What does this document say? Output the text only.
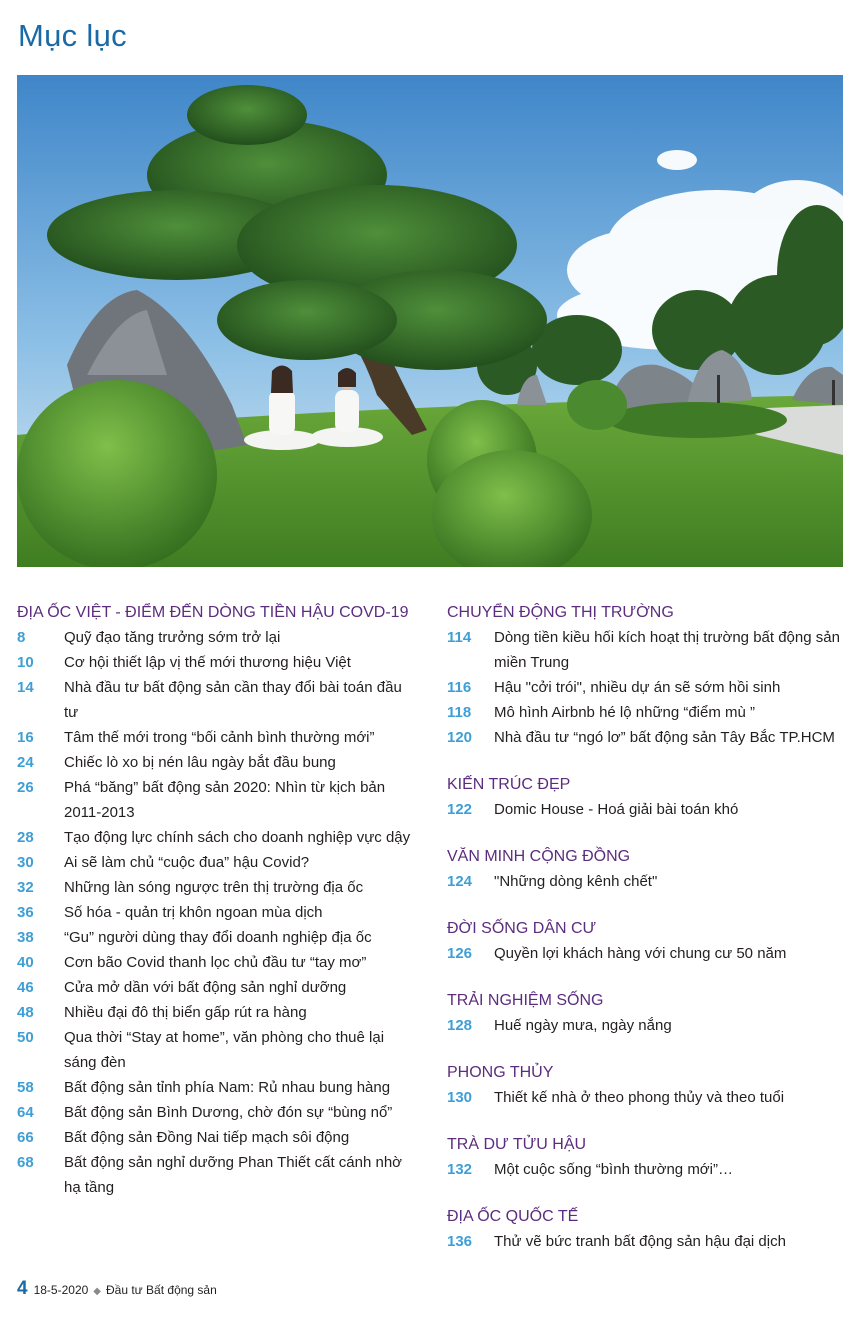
Mục lục
ĐỊA ỐC VIỆT - ĐIỂM ĐẾN DÒNG TIỀN HẬU COVD-19
8	Quỹ đạo tăng trưởng sớm trở lại
10	Cơ hội thiết lập vị thế mới thương hiệu Việt
14	Nhà đầu tư bất động sản cần thay đổi bài toán đầu tư
16	Tâm thế mới trong “bối cảnh bình thường mới”
24	Chiếc lò xo bị nén lâu ngày bắt đầu bung
26	Phá “băng” bất động sản 2020: Nhìn từ kịch bản 2011-2013
28	Tạo động lực chính sách cho doanh nghiệp vực dậy
30	Ai sẽ làm chủ “cuộc đua” hậu Covid?
32	Những làn sóng ngược trên thị trường địa ốc
36	Số hóa - quản trị khôn ngoan mùa dịch
38	“Gu” người dùng thay đổi doanh nghiệp địa ốc
40	Cơn bão Covid thanh lọc chủ đầu tư “tay mơ”
46	Cửa mở dần với bất động sản nghỉ dưỡng
48	Nhiều đại đô thị biển gấp rút ra hàng
50	Qua thời “Stay at home”, văn phòng cho thuê lại sáng đèn
58	Bất động sản tỉnh phía Nam: Rủ nhau bung hàng
64	Bất động sản Bình Dương, chờ đón sự “bùng nổ”
66	Bất động sản Đồng Nai tiếp mạch sôi động
68	Bất động sản nghỉ dưỡng Phan Thiết cất cánh nhờ hạ tầng
CHUYỂN ĐỘNG THỊ TRƯỜNG
114	Dòng tiền kiều hối kích hoạt thị trường bất động sản miền Trung
116	Hậu "cởi trói", nhiều dự án sẽ sớm hồi sinh
118	Mô hình Airbnb hé lộ những “điểm mù ”
120	Nhà đầu tư “ngó lơ” bất động sản Tây Bắc TP.HCM
KIẾN TRÚC ĐẸP
122	Domic House - Hoá giải bài toán khó
VĂN MINH CỘNG ĐỒNG
124	"Những dòng kênh chết"
ĐỜI SỐNG DÂN CƯ
126	Quyền lợi khách hàng với chung cư 50 năm
TRẢI NGHIỆM SỐNG
128	Huế ngày mưa, ngày nắng
PHONG THỦY
130	Thiết kế nhà ở theo phong thủy và theo tuổi
TRÀ DƯ TỬU HẬU
132	Một cuộc sống “bình thường mới”…
ĐỊA ỐC QUỐC TẾ
136	Thử vẽ bức tranh bất động sản hậu đại dịch
4 18-5-2020 ◆ Đầu tư Bất động sản
